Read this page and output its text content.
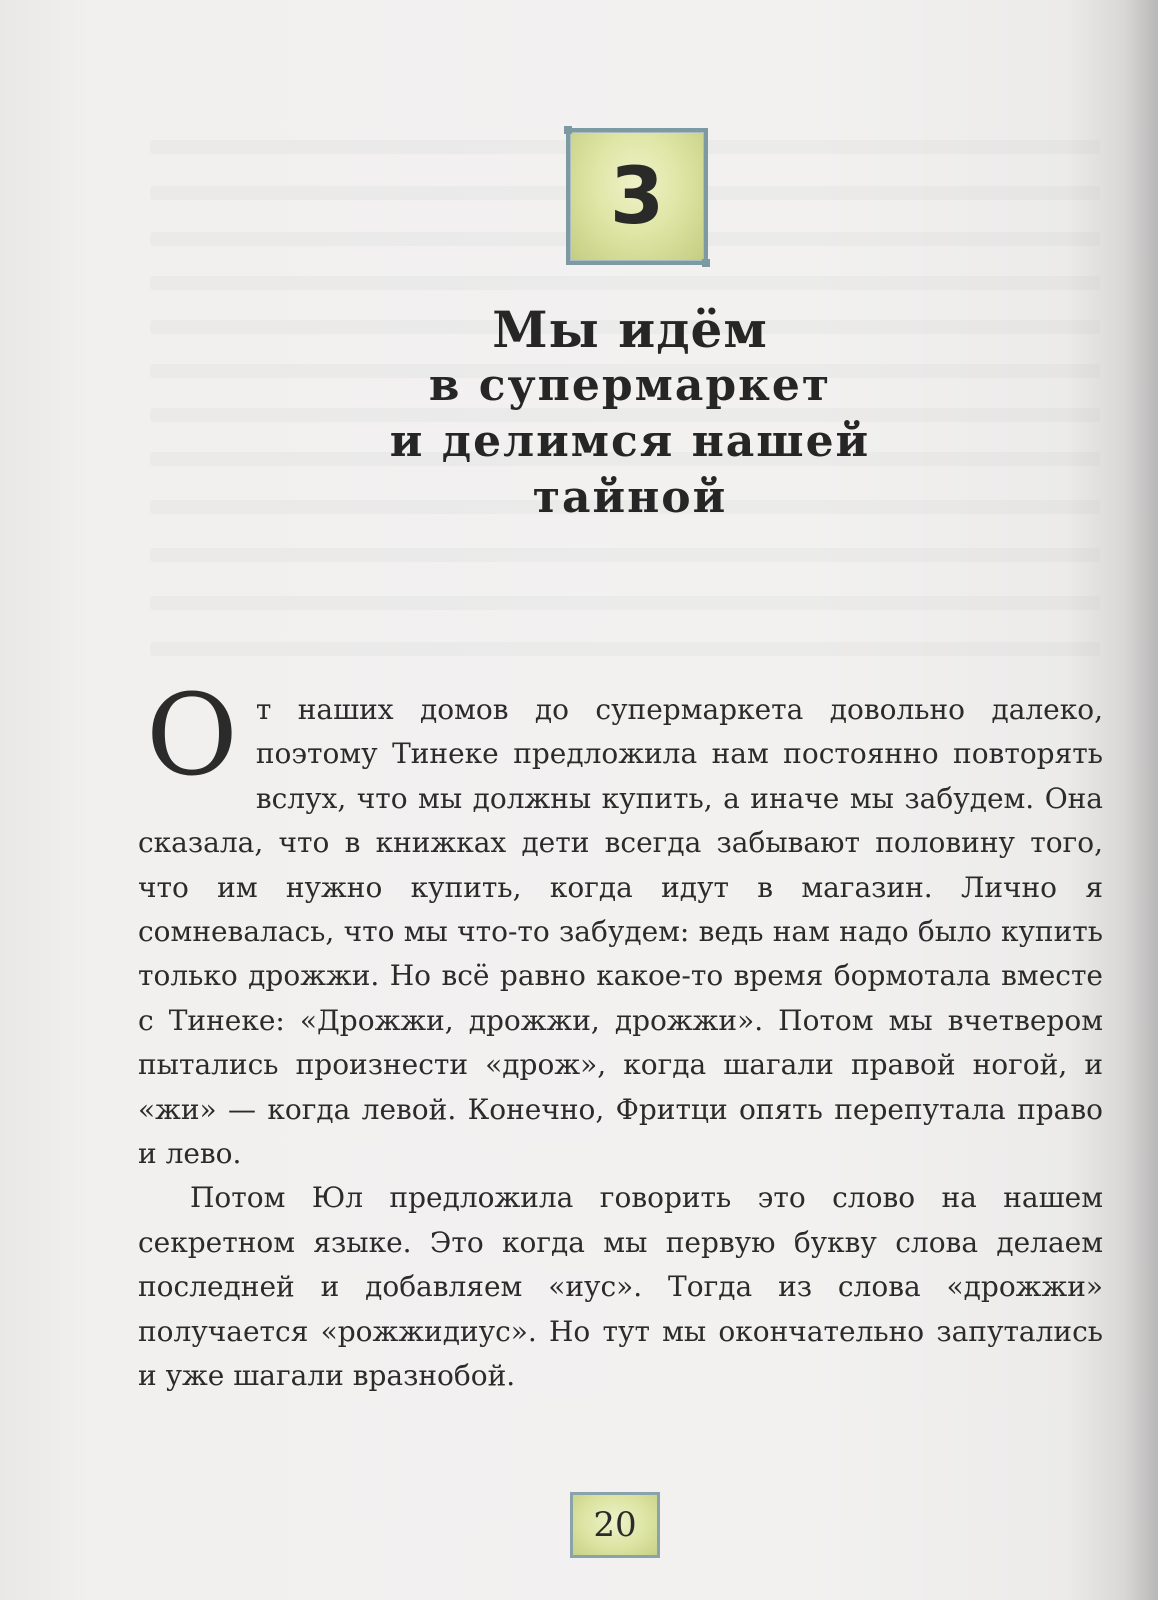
3
Мы идём
в супермаркет
и делимся нашей
тайной

От наших домов до супермаркета довольно далеко, поэтому Тинеке предложила нам постоянно повторять вслух, что мы должны купить, а иначе мы забудем. Она сказала, что в книжках дети всегда забывают половину того, что им нужно купить, когда идут в магазин. Лично я сомневалась, что мы что-то забудем: ведь нам надо было купить только дрожжи. Но всё равно какое-то время бормотала вместе с Тинеке: «Дрожжи, дрожжи, дрожжи». Потом мы вчетвером пытались произнести «дрож», когда шагали правой ногой, и «жи» — когда левой. Конечно, Фритци опять перепутала право и лево.

Потом Юл предложила говорить это слово на нашем секретном языке. Это когда мы первую букву слова делаем последней и добавляем «иус». Тогда из слова «дрожжи» получается «рожжидиус». Но тут мы окончательно запутались и уже шагали вразнобой.

20
